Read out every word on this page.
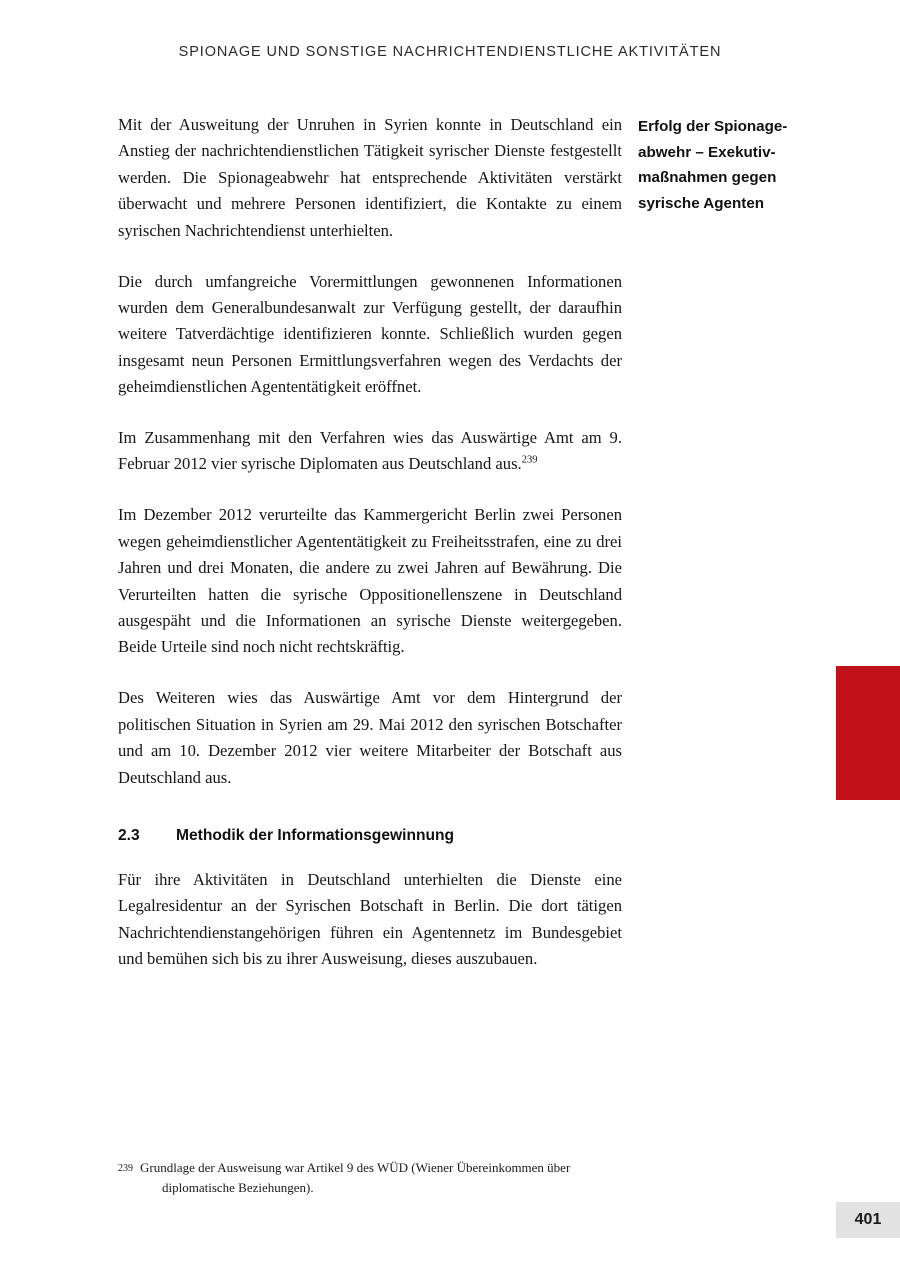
SPIONAGE UND SONSTIGE NACHRICHTENDIENSTLICHE AKTIVITÄTEN

Mit der Ausweitung der Unruhen in Syrien konnte in Deutschland ein Anstieg der nachrichtendienstlichen Tätigkeit syrischer Dienste festgestellt werden. Die Spionageabwehr hat entsprechende Aktivitäten verstärkt überwacht und mehrere Personen identifiziert, die Kontakte zu einem syrischen Nachrichtendienst unterhielten.

Die durch umfangreiche Vorermittlungen gewonnenen Informationen wurden dem Generalbundesanwalt zur Verfügung gestellt, der daraufhin weitere Tatverdächtige identifizieren konnte. Schließlich wurden gegen insgesamt neun Personen Ermittlungsverfahren wegen des Verdachts der geheimdienstlichen Agententätigkeit eröffnet.

Im Zusammenhang mit den Verfahren wies das Auswärtige Amt am 9. Februar 2012 vier syrische Diplomaten aus Deutschland aus.$^{239}$

Im Dezember 2012 verurteilte das Kammergericht Berlin zwei Personen wegen geheimdienstlicher Agententätigkeit zu Freiheitsstrafen, eine zu drei Jahren und drei Monaten, die andere zu zwei Jahren auf Bewährung. Die Verurteilten hatten die syrische Oppositionellenszene in Deutschland ausgespäht und die Informationen an syrische Dienste weitergegeben. Beide Urteile sind noch nicht rechtskräftig.

Des Weiteren wies das Auswärtige Amt vor dem Hintergrund der politischen Situation in Syrien am 29. Mai 2012 den syrischen Botschafter und am 10. Dezember 2012 vier weitere Mitarbeiter der Botschaft aus Deutschland aus.

2.3	Methodik der Informationsgewinnung

Für ihre Aktivitäten in Deutschland unterhielten die Dienste eine Legalresidentur an der Syrischen Botschaft in Berlin. Die dort tätigen Nachrichtendienstangehörigen führen ein Agentennetz im Bundesgebiet und bemühen sich bis zu ihrer Ausweisung, dieses auszubauen.

Erfolg der Spionageabwehr – Exekutivmaßnahmen gegen syrische Agenten
239 Grundlage der Ausweisung war Artikel 9 des WÜD (Wiener Übereinkommen über
diplomatische Beziehungen).
401
